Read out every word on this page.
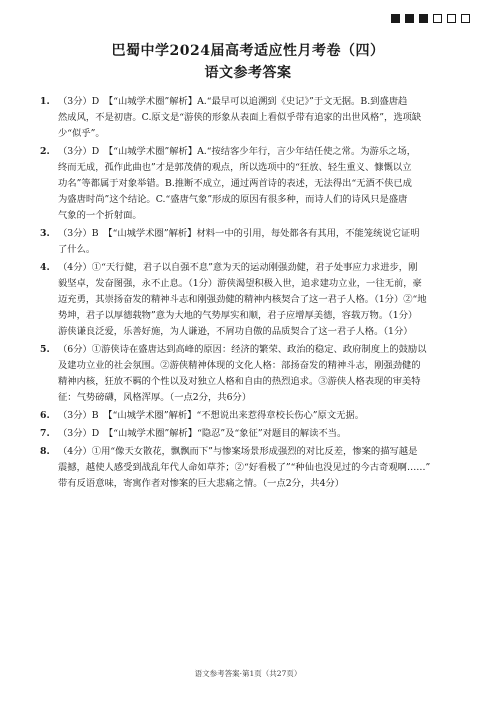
巴蜀中学2024届高考适应性月考卷（四）
语文参考答案
1. （3分）D　【“山城学术圈”解析】A.“最早可以追溯到《史记》”于文无据。B.到盛唐趋
然成风，不是初唐。C.原文是“游侠的形象从表面上看似乎带有追家的出世风格”，选项缺
少“似乎”。
2. （3分）D　【“山城学术圈”解析】A.“按结客少年行，言少年结任使之常。为游乐之场，
终而无成，孤作此曲也”才是郭茂倩的观点，所以选项中的“狂放、轻生重义、慷慨以立
功名”等都属于对象举错。B.推断不成立，通过两首诗的表述，无法得出“无酒不侠已成
为盛唐时尚”这个结论。C.“盛唐气象”形成的原因有很多种，而诗人们的诗风只是盛唐
气象的一个折射面。
3. （3分）B　【“山城学术圈”解析】材料一中的引用，每处都各有其用，不能笼统说它证明
了什么。
4. （4分）①“天行健，君子以自强不息”意为天的运动刚强劲健，君子处事应力求进步，刚
毅坚卓，发奋图强，永不止息。（1分）游侠渴望积极入世，追求建功立业，一往无前，豪
迈充勇，其崇扬奋发的精神斗志和刚强劲健的精神内核契合了这一君子人格。（1分）②“地
势坤，君子以厚德载物”意为大地的气势厚实和顺，君子应增厚美德，容载万物。（1分）
游侠谦良泛爱，乐善好施，为人谦逊，不屑功自傲的品质契合了这一君子人格。（1分）
5. （6分）①游侠诗在盛唐达到高峰的原因：经济的繁荣、政治的稳定、政府制度上的鼓励以
及建功立业的社会氛围。②游侠精神体现的文化人格：部扬奋发的精神斗志，刚强劲健的
精神内核，狂放不羁的个性以及对独立人格和自由的热烈追求。③游侠人格表现的审美特
征：气势磅礴，风格浑厚。（一点2分，共6分）
6. （3分）B　【“山城学术圈”解析】“不想说出来惹得章校长伤心”原文无据。
7. （3分）D　【“山城学术圈”解析】“隐忍”及“象征”对题目的解读不当。
8. （4分）①用“像天女散花，飘飘而下”与惨案场景形成强烈的对比反差，惨案的描写越是
震撼，越使人感受到战乱年代人命如草芥；②“好看极了”“种仙也没见过的今古奇观啊……”
带有反语意味，寄寓作者对惨案的巨大悲痛之情。（一点2分，共4分）
语文参考答案·第1页（共27页）
